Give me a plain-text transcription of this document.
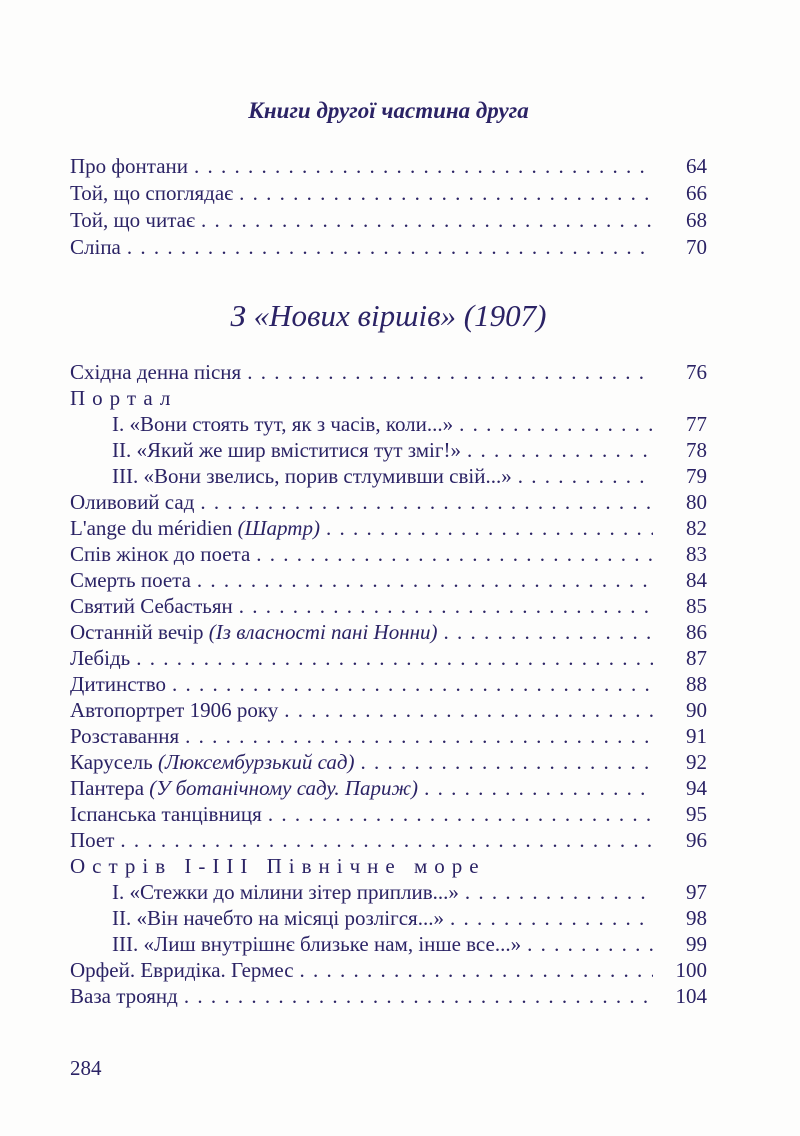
Книги другої частина друга
Про фонтани . . .	64
Той, що споглядає . . .	66
Той, що читає . . .	68
Сліпа . . .	70
З «Нових віршів» (1907)
Східна денна пісня . . .	76
Портал
I. «Вони стоять тут, як з часів, коли...» . . .	77
II. «Який же шир вміститися тут зміг!» . . .	78
III. «Вони звелись, порив стлумивши свій...» . . .	79
Оливовий сад . . .	80
L'ange du méridien (Шартр) . . .	82
Спів жінок до поета . . .	83
Смерть поета . . .	84
Святий Себастьян . . .	85
Останній вечір (Із власності пані Нонни) . . .	86
Лебідь . . .	87
Дитинство . . .	88
Автопортрет 1906 року . . .	90
Розставання . . .	91
Карусель (Люксембурзький сад) . . .	92
Пантера (У ботанічному саду. Париж) . . .	94
Іспанська танцівниця . . .	95
Поет . . .	96
Острів I-III Північне море
I. «Стежки до мілини зітер приплив...» . . .	97
II. «Він начебто на місяці розлігся...» . . .	98
III. «Лиш внутрішнє близьке нам, інше все...» . . .	99
Орфей. Евридіка. Гермес . . .	100
Ваза троянд . . .	104
284
